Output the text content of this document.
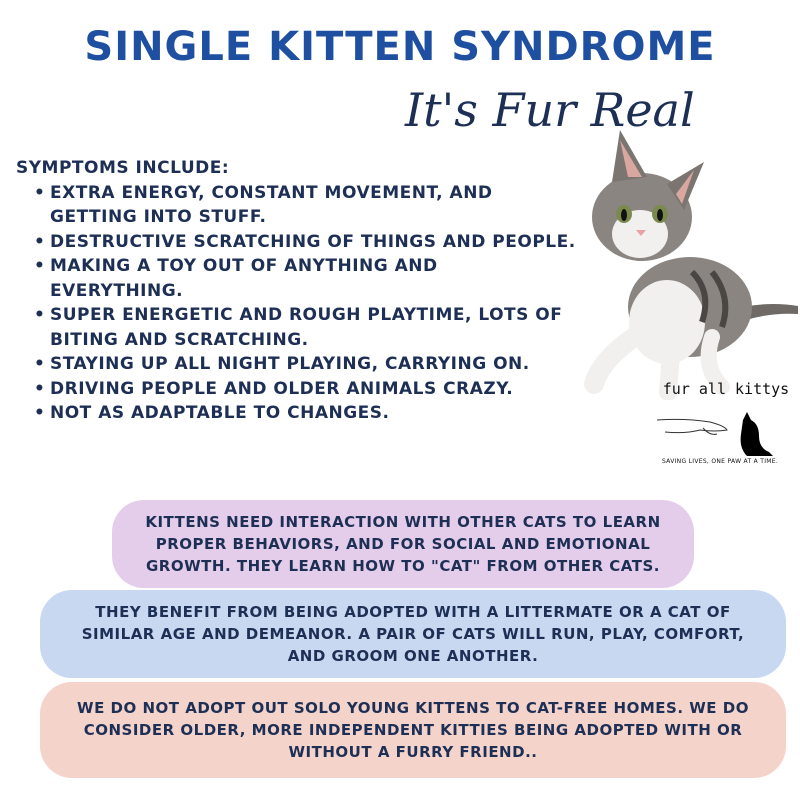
SINGLE KITTEN SYNDROME
It's Fur Real
SYMPTOMS INCLUDE:
• EXTRA ENERGY, CONSTANT MOVEMENT, AND GETTING INTO STUFF.
• DESTRUCTIVE SCRATCHING OF THINGS AND PEOPLE.
• MAKING A TOY OUT OF ANYTHING AND EVERYTHING.
• SUPER ENERGETIC AND ROUGH PLAYTIME, LOTS OF BITING AND SCRATCHING.
• STAYING UP ALL NIGHT PLAYING, CARRYING ON.
• DRIVING PEOPLE AND OLDER ANIMALS CRAZY.
• NOT AS ADAPTABLE TO CHANGES.
fur all kittys
SAVING LIVES, ONE PAW AT A TIME.
KITTENS NEED INTERACTION WITH OTHER CATS TO LEARN PROPER BEHAVIORS, AND FOR SOCIAL AND EMOTIONAL GROWTH. THEY LEARN HOW TO "CAT" FROM OTHER CATS.
THEY BENEFIT FROM BEING ADOPTED WITH A LITTERMATE OR A CAT OF SIMILAR AGE AND DEMEANOR. A PAIR OF CATS WILL RUN, PLAY, COMFORT, AND GROOM ONE ANOTHER.
WE DO NOT ADOPT OUT SOLO YOUNG KITTENS TO CAT-FREE HOMES. WE DO CONSIDER OLDER, MORE INDEPENDENT KITTIES BEING ADOPTED WITH OR WITHOUT A FURRY FRIEND..
